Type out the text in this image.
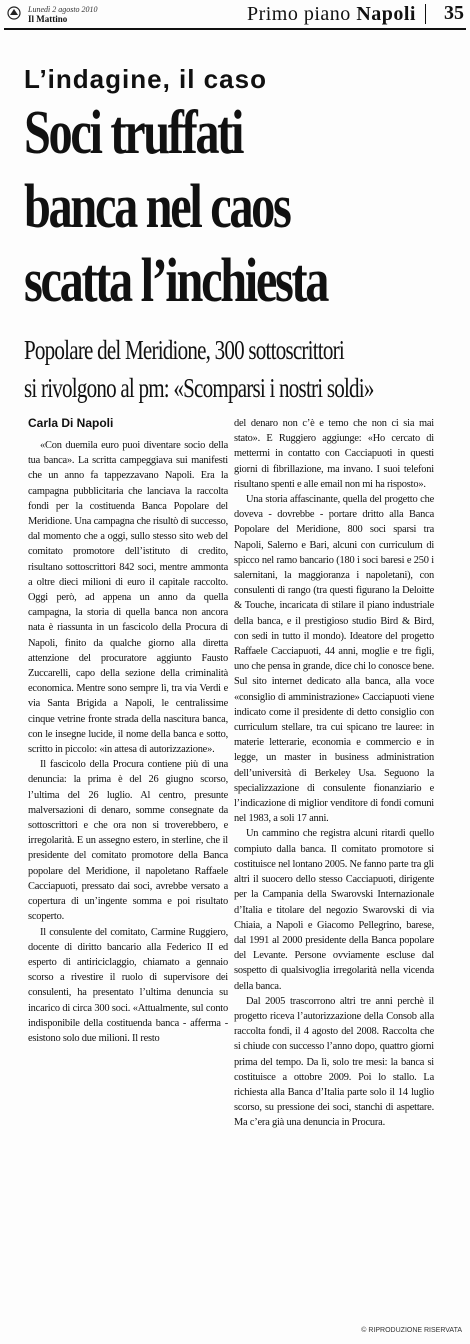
Lunedì 2 agosto 2010
Il Mattino	Primo piano Napoli 35
L’indagine, il caso
Soci truffati
banca nel caos
scatta l’inchiesta
Popolare del Meridione, 300 sottoscrittori
si rivolgono al pm: «Scomparsi i nostri soldi»
Carla Di Napoli

«Con duemila euro puoi diventare socio della tua banca». La scritta campeggiava sui manifesti che un anno fa tappezzavano Napoli. Era la campagna pubblicitaria che lanciava la raccolta fondi per la costituenda Banca Popolare del Meridione. Una campagna che risultò di successo, dal momento che a oggi, sullo stesso sito web del comitato promotore dell’istituto di credito, risultano sottoscrittori 842 soci, mentre ammonta a oltre dieci milioni di euro il capitale raccolto. Oggi però, ad appena un anno da quella campagna, la storia di quella banca non ancora nata è riassunta in un fascicolo della Procura di Napoli, finito da qualche giorno alla diretta attenzione del procuratore aggiunto Fausto Zuccarelli, capo della sezione della criminalità economica. Mentre sono sempre lì, tra via Verdi e via Santa Brigida a Napoli, le centralissime cinque vetrine fronte strada della nascitura banca, con le insegne lucide, il nome della banca e sotto, scritto in piccolo: «in attesa di autorizzazione».

Il fascicolo della Procura contiene più di una denuncia: la prima è del 26 giugno scorso, l’ultima del 26 luglio. Al centro, presunte malversazioni di denaro, somme consegnate da sottoscrittori e che ora non si troverebbero, e irregolarità. E un assegno estero, in sterline, che il presidente del comitato promotore della Banca popolare del Meridione, il napoletano Raffaele Cacciapuoti, pressato dai soci, avrebbe versato a copertura di un’ingente somma e poi risultato scoperto.

Il consulente del comitato, Carmine Ruggiero, docente di diritto bancario alla Federico II ed esperto di antiriciclaggio, chiamato a gennaio scorso a rivestire il ruolo di supervisore dei consulenti, ha presentato l’ultima denuncia su incarico di circa 300 soci. «Attualmente, sul conto indisponibile della costituenda banca - afferma - esistono solo due milioni. Il resto

del denaro non c’è e temo che non ci sia mai stato». E Ruggiero aggiunge: «Ho cercato di mettermi in contatto con Cacciapuoti in questi giorni di fibrillazione, ma invano. I suoi telefoni risultano spenti e alle email non mi ha risposto».

Una storia affascinante, quella del progetto che doveva - dovrebbe - portare dritto alla Banca Popolare del Meridione, 800 soci sparsi tra Napoli, Salerno e Bari, alcuni con curriculum di spicco nel ramo bancario (180 i soci baresi e 250 i salernitani, la maggioranza i napoletani), con consulenti di rango (tra questi figurano la Deloitte & Touche, incaricata di stilare il piano industriale della banca, e il prestigioso studio Bird & Bird, con sedi in tutto il mondo). Ideatore del progetto Raffaele Cacciapuoti, 44 anni, moglie e tre figli, uno che pensa in grande, dice chi lo conosce bene. Sul sito internet dedicato alla banca, alla voce «consiglio di amministrazione» Cacciapuoti viene indicato come il presidente di detto consiglio con curriculum stellare, tra cui spicano tre lauree: in materie letterarie, economia e commercio e in legge, un master in business administration dell’università di Berkeley Usa. Seguono la specializzazione di consulente fionanziario e l’indicazione di miglior venditore di fondi comuni nel 1983, a soli 17 anni.

Un cammino che registra alcuni ritardi quello compiuto dalla banca. Il comitato promotore si costituisce nel lontano 2005. Ne fanno parte tra gli altri il suocero dello stesso Cacciapuoti, dirigente per la Campania della Swarovski Internazionale d’Italia e titolare del negozio Swarovski di via Chiaia, a Napoli e Giacomo Pellegrino, barese, dal 1991 al 2000 presidente della Banca popolare del Levante. Persone ovviamente escluse dal sospetto di qualsivoglia irregolarità nella vicenda della banca.

Dal 2005 trascorrono altri tre anni perchè il progetto riceva l’autorizzazione della Consob alla raccolta fondi, il 4 agosto del 2008. Raccolta che si chiude con successo l’anno dopo, quattro giorni prima del tempo. Da lì, solo tre mesi: la banca si costituisce a ottobre 2009. Poi lo stallo. La richiesta alla Banca d’Italia parte solo il 14 luglio scorso, su pressione dei soci, stanchi di aspettare. Ma c’era già una denuncia in Procura.

© RIPRODUZIONE RISERVATA
